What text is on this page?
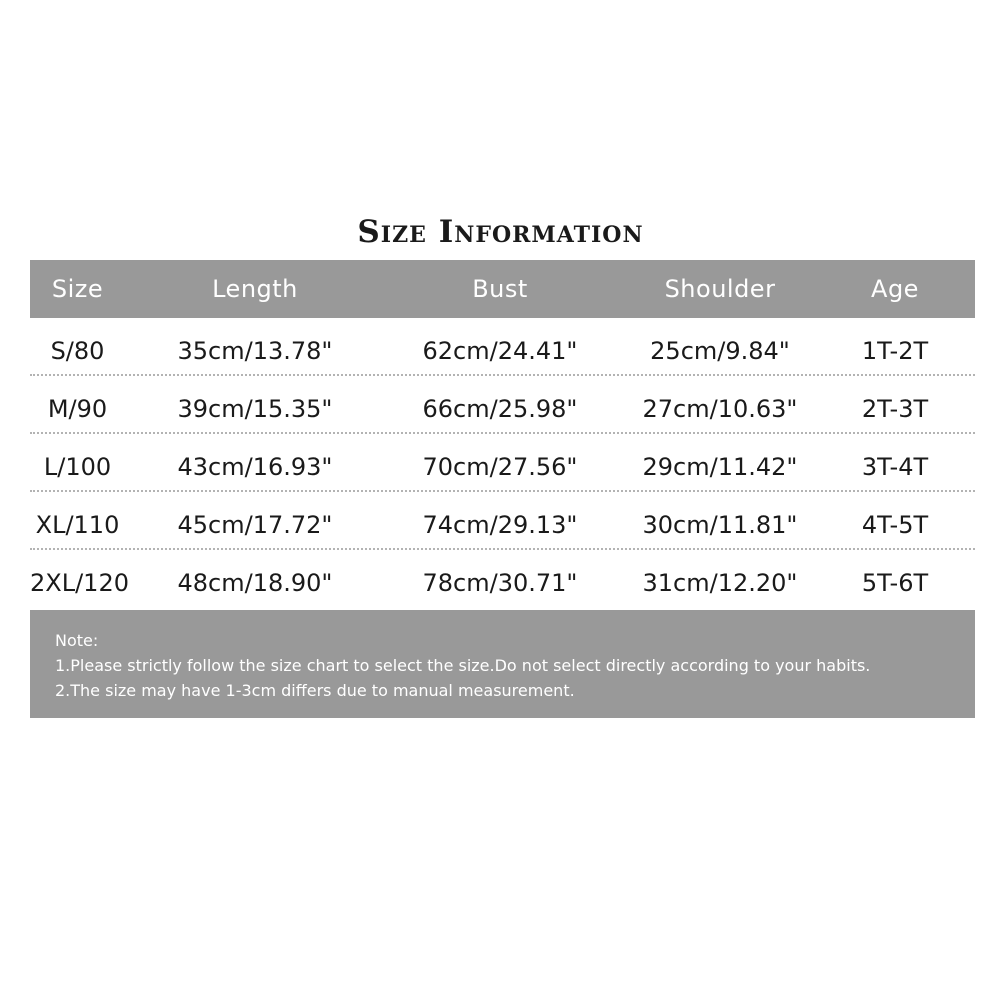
Size Information
Size	Length	Bust	Shoulder	Age
S/80	35cm/13.78"	62cm/24.41"	25cm/9.84"	1T-2T
M/90	39cm/15.35"	66cm/25.98"	27cm/10.63"	2T-3T
L/100	43cm/16.93"	70cm/27.56"	29cm/11.42"	3T-4T
XL/110	45cm/17.72"	74cm/29.13"	30cm/11.81"	4T-5T
2XL/120	48cm/18.90"	78cm/30.71"	31cm/12.20"	5T-6T
Note:
1.Please strictly follow the size chart to select the size.Do not select directly according to your habits.
2.The size may have 1-3cm differs due to manual measurement.
